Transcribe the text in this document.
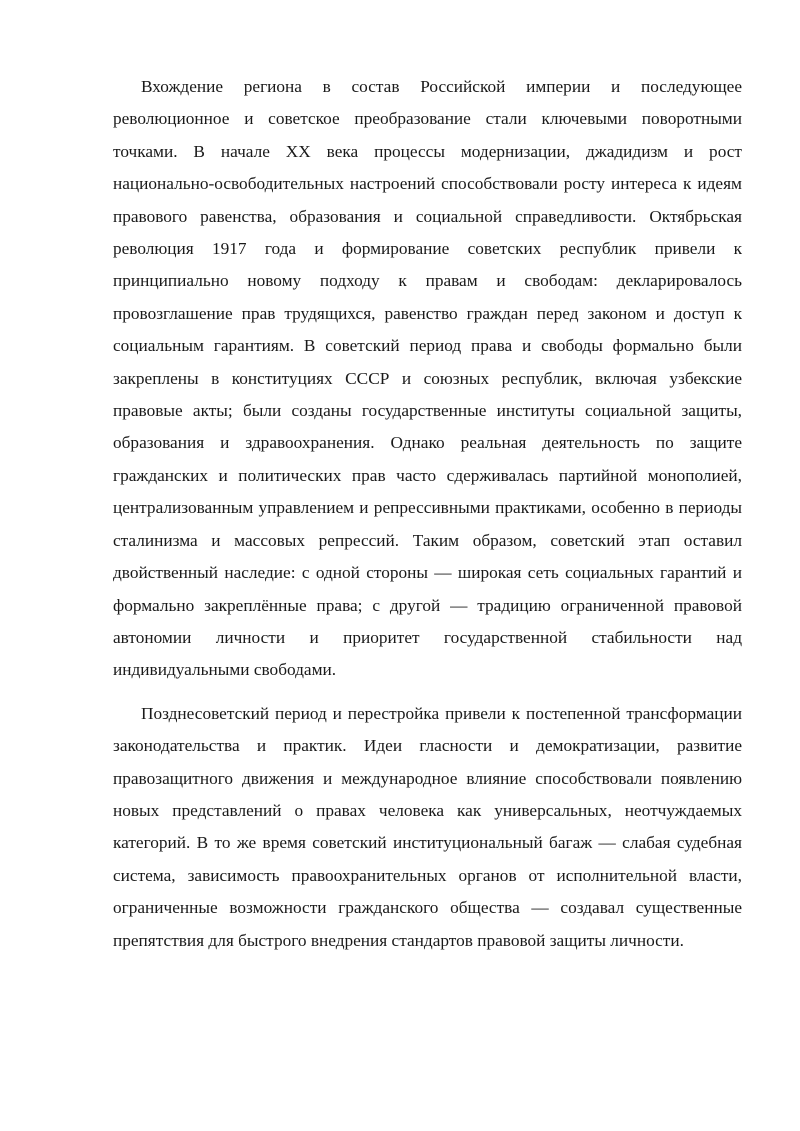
Вхождение региона в состав Российской империи и последующее революционное и советское преобразование стали ключевыми поворотными точками. В начале XX века процессы модернизации, джадидизм и рост национально-освободительных настроений способствовали росту интереса к идеям правового равенства, образования и социальной справедливости. Октябрьская революция 1917 года и формирование советских республик привели к принципиально новому подходу к правам и свободам: декларировалось провозглашение прав трудящихся, равенство граждан перед законом и доступ к социальным гарантиям. В советский период права и свободы формально были закреплены в конституциях СССР и союзных республик, включая узбекские правовые акты; были созданы государственные институты социальной защиты, образования и здравоохранения. Однако реальная деятельность по защите гражданских и политических прав часто сдерживалась партийной монополией, централизованным управлением и репрессивными практиками, особенно в периоды сталинизма и массовых репрессий. Таким образом, советский этап оставил двойственный наследие: с одной стороны — широкая сеть социальных гарантий и формально закреплённые права; с другой — традицию ограниченной правовой автономии личности и приоритет государственной стабильности над индивидуальными свободами.

Позднесоветский период и перестройка привели к постепенной трансформации законодательства и практик. Идеи гласности и демократизации, развитие правозащитного движения и международное влияние способствовали появлению новых представлений о правах человека как универсальных, неотчуждаемых категорий. В то же время советский институциональный багаж — слабая судебная система, зависимость правоохранительных органов от исполнительной власти, ограниченные возможности гражданского общества — создавал существенные препятствия для быстрого внедрения стандартов правовой защиты личности.
